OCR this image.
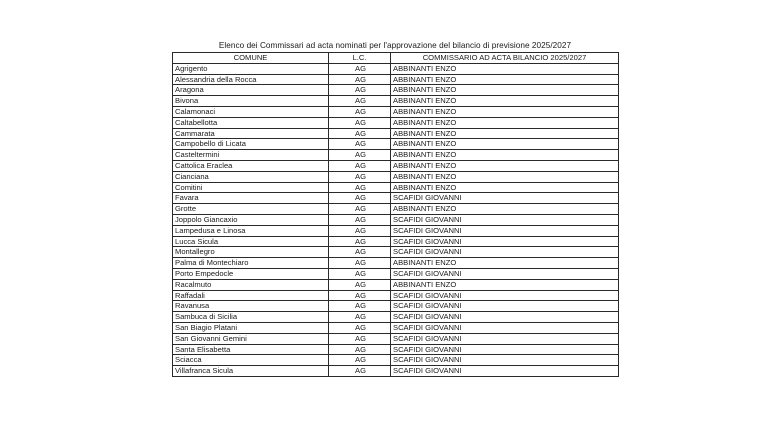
Elenco dei Commissari ad acta nominati per l'approvazione del bilancio di previsione 2025/2027
COMUNE	L.C.	COMMISSARIO AD ACTA BILANCIO 2025/2027
Agrigento	AG	ABBINANTI ENZO
Alessandria della Rocca	AG	ABBINANTI ENZO
Aragona	AG	ABBINANTI ENZO
Bivona	AG	ABBINANTI ENZO
Calamonaci	AG	ABBINANTI ENZO
Caltabellotta	AG	ABBINANTI ENZO
Cammarata	AG	ABBINANTI ENZO
Campobello di Licata	AG	ABBINANTI ENZO
Casteltermini	AG	ABBINANTI ENZO
Cattolica Eraclea	AG	ABBINANTI ENZO
Cianciana	AG	ABBINANTI ENZO
Comitini	AG	ABBINANTI ENZO
Favara	AG	SCAFIDI GIOVANNI
Grotte	AG	ABBINANTI ENZO
Joppolo Giancaxio	AG	SCAFIDI GIOVANNI
Lampedusa e Linosa	AG	SCAFIDI GIOVANNI
Lucca Sicula	AG	SCAFIDI GIOVANNI
Montallegro	AG	SCAFIDI GIOVANNI
Palma di Montechiaro	AG	ABBINANTI ENZO
Porto Empedocle	AG	SCAFIDI GIOVANNI
Racalmuto	AG	ABBINANTI ENZO
Raffadali	AG	SCAFIDI GIOVANNI
Ravanusa	AG	SCAFIDI GIOVANNI
Sambuca di Sicilia	AG	SCAFIDI GIOVANNI
San Biagio Platani	AG	SCAFIDI GIOVANNI
San Giovanni Gemini	AG	SCAFIDI GIOVANNI
Santa Elisabetta	AG	SCAFIDI GIOVANNI
Sciacca	AG	SCAFIDI GIOVANNI
Villafranca Sicula	AG	SCAFIDI GIOVANNI
